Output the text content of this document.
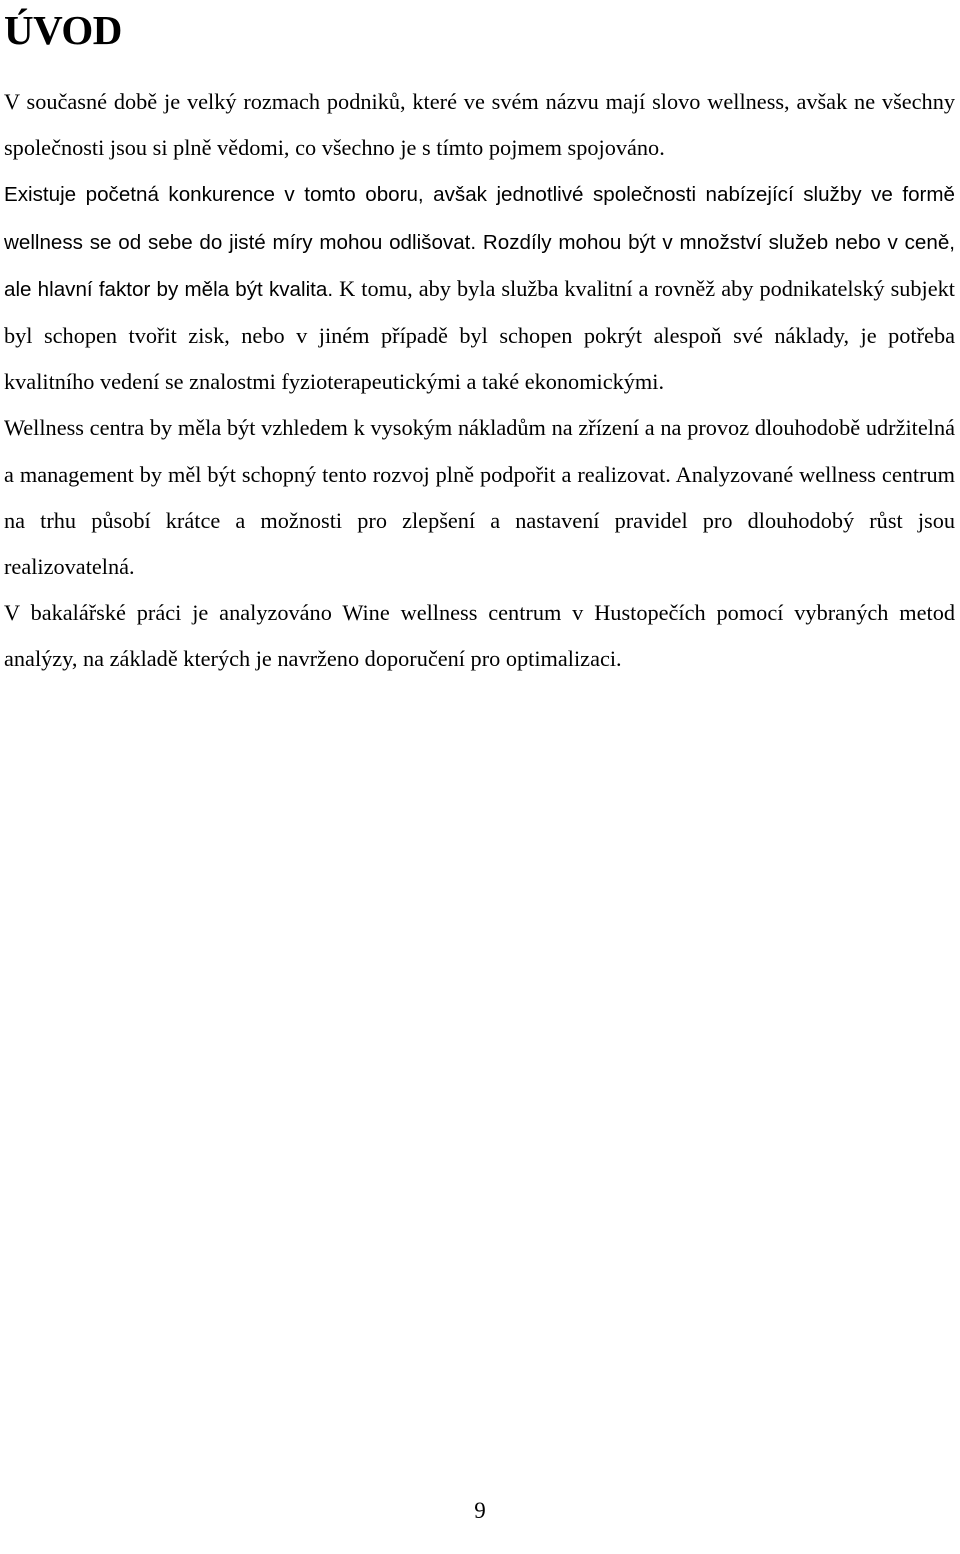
ÚVOD

V současné době je velký rozmach podniků, které ve svém názvu mají slovo wellness, avšak ne všechny společnosti jsou si plně vědomi, co všechno je s tímto pojmem spojováno.

Existuje početná konkurence v tomto oboru, avšak jednotlivé společnosti nabízející služby ve formě wellness se od sebe do jisté míry mohou odlišovat. Rozdíly mohou být v množství služeb nebo v ceně, ale hlavní faktor by měla být kvalita. K tomu, aby byla služba kvalitní a rovněž aby podnikatelský subjekt byl schopen tvořit zisk, nebo v jiném případě byl schopen pokrýt alespoň své náklady, je potřeba kvalitního vedení se znalostmi fyzioterapeutickými a také ekonomickými.

Wellness centra by měla být vzhledem k vysokým nákladům na zřízení a na provoz dlouhodobě udržitelná a management by měl být schopný tento rozvoj plně podpořit a realizovat. Analyzované wellness centrum na trhu působí krátce a možnosti pro zlepšení a nastavení pravidel pro dlouhodobý růst jsou realizovatelná.

V bakalářské práci je analyzováno Wine wellness centrum v Hustopečích pomocí vybraných metod analýzy, na základě kterých je navrženo doporučení pro optimalizaci.

9
